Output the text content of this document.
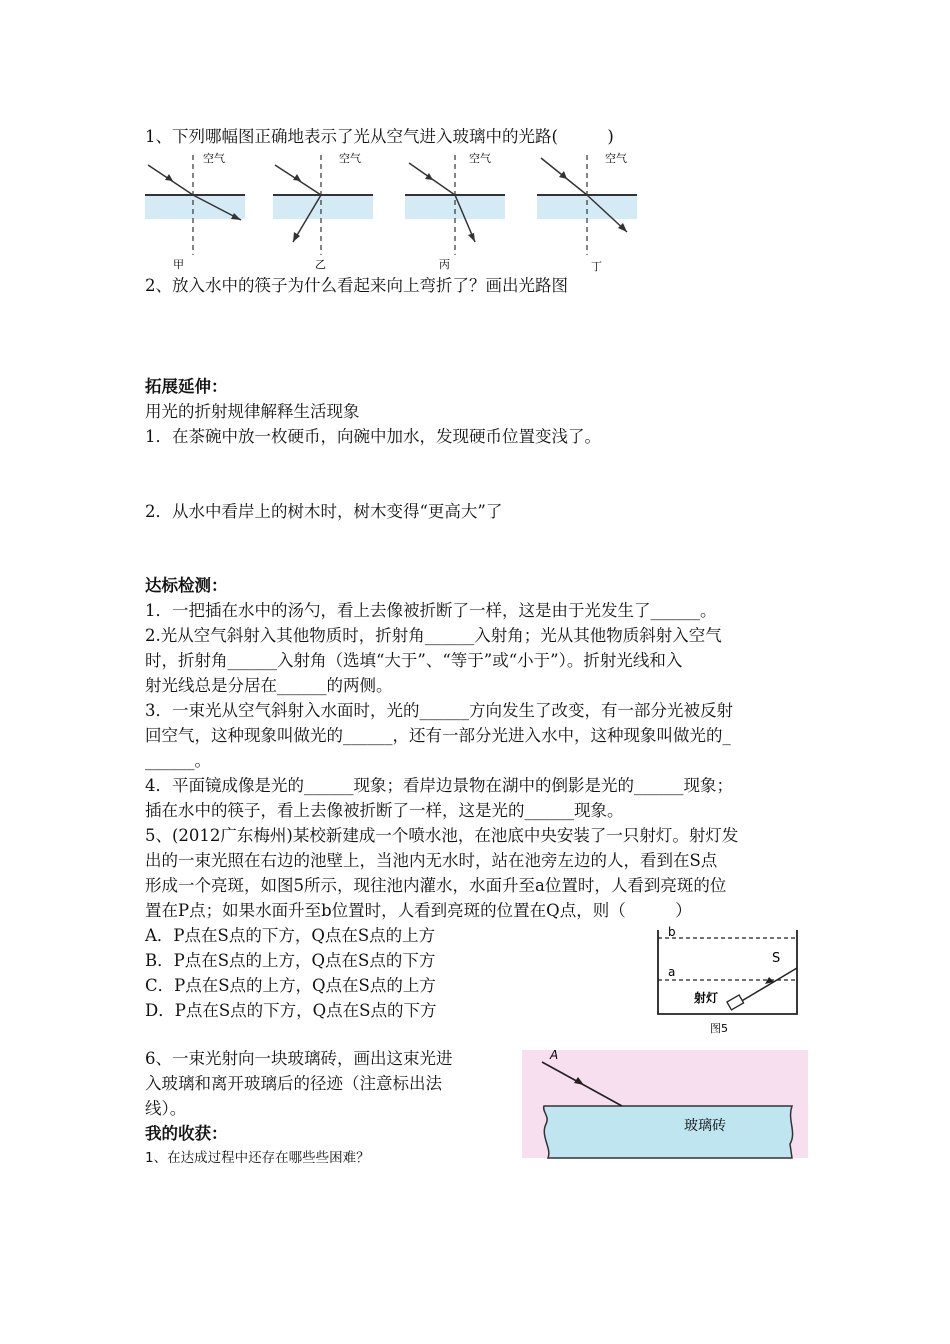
1、下列哪幅图正确地表示了光从空气进入玻璃中的光路(　　　)
空气
甲
空气
乙
空气
丙
空气
丁
2、放入水中的筷子为什么看起来向上弯折了？画出光路图
拓展延伸：
用光的折射规律解释生活现象
1．在茶碗中放一枚硬币，向碗中加水，发现硬币位置变浅了。
2．从水中看岸上的树木时，树木变得“更高大”了
达标检测：
1．一把插在水中的汤勺，看上去像被折断了一样，这是由于光发生了______。
2.光从空气斜射入其他物质时，折射角______入射角；光从其他物质斜射入空气
时，折射角______入射角（选填“大于”、“等于”或“小于”）。折射光线和入
射光线总是分居在______的两侧。
3．一束光从空气斜射入水面时，光的______方向发生了改变，有一部分光被反射
回空气，这种现象叫做光的______，还有一部分光进入水中，这种现象叫做光的_
______。
4．平面镜成像是光的______现象；看岸边景物在湖中的倒影是光的______现象；
插在水中的筷子，看上去像被折断了一样，这是光的______现象。
5、(2012广东梅州)某校新建成一个喷水池，在池底中央安装了一只射灯。射灯发
出的一束光照在右边的池壁上，当池内无水时，站在池旁左边的人，看到在S点
形成一个亮斑，如图5所示，现往池内灌水，水面升至a位置时，人看到亮斑的位
置在P点；如果水面升至b位置时，人看到亮斑的位置在Q点，则（　　　）
A．P点在S点的下方，Q点在S点的上方
B．P点在S点的上方，Q点在S点的下方
C．P点在S点的上方，Q点在S点的上方
D．P点在S点的下方，Q点在S点的下方
b
a
S
射灯
图5
6、一束光射向一块玻璃砖，画出这束光进
入玻璃和离开玻璃后的径迹（注意标出法
线）。
A
玻璃砖
我的收获：
1、在达成过程中还存在哪些些困难？
